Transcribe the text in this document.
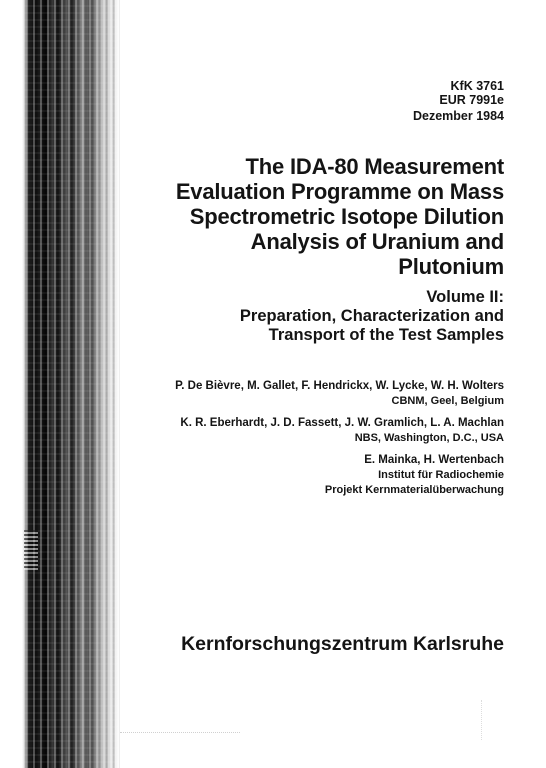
KfK 3761
EUR 7991e
Dezember 1984
The IDA-80 Measurement
Evaluation Programme on Mass
Spectrometric Isotope Dilution
Analysis of Uranium and
Plutonium
Volume II:
Preparation, Characterization and
Transport of the Test Samples
P. De Bièvre, M. Gallet, F. Hendrickx, W. Lycke, W. H. Wolters
CBNM, Geel, Belgium
K. R. Eberhardt, J. D. Fassett, J. W. Gramlich, L. A. Machlan
NBS, Washington, D.C., USA
E. Mainka, H. Wertenbach
Institut für Radiochemie
Projekt Kernmaterialüberwachung
Kernforschungszentrum Karlsruhe
